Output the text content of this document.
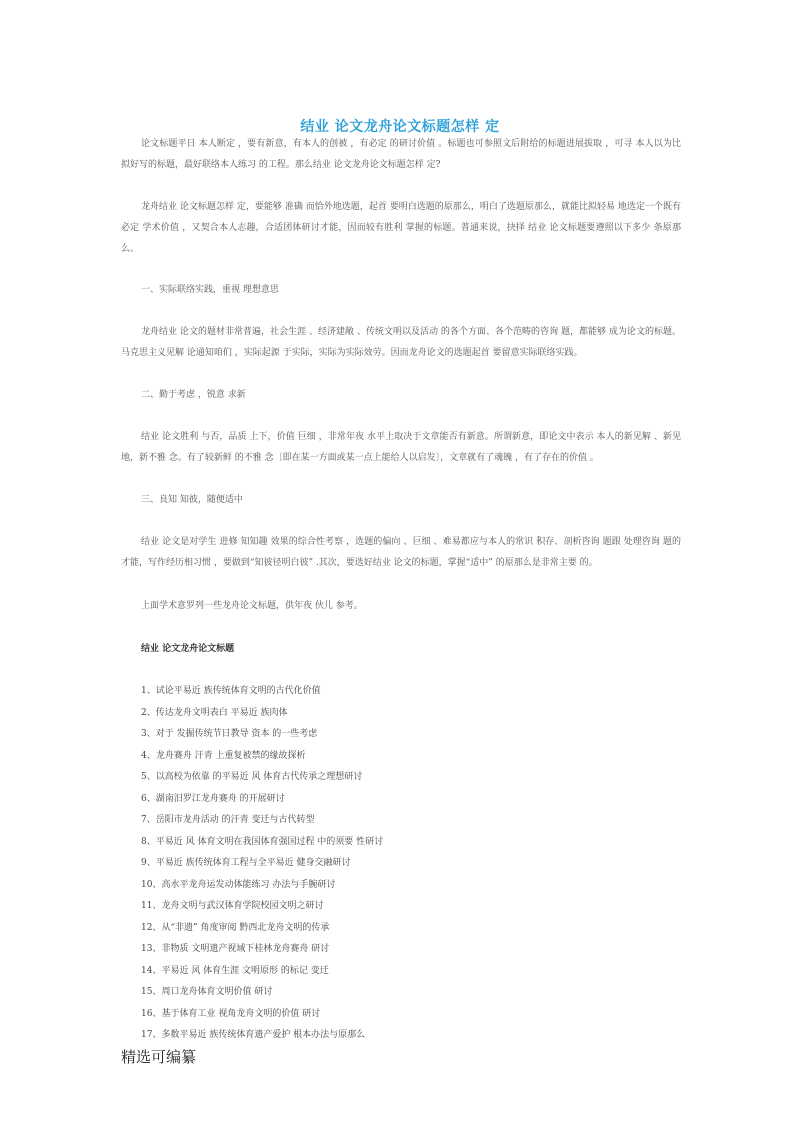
结业 论文龙舟论文标题怎样 定
论文标题平日 本人断定 ，要有新意，有本人的创被 ，有必定 的研讨价值 。标题也可参照文后附给的标题进展拔取 ，可寻 本人以为比拟好写的标题，最好联络本人练习 的工程。那么结业 论文龙舟论文标题怎样 定?
龙舟结业 论文标题怎样 定，要能够 准确 而恰外地选题，起首 要明白选题的原那么，明白了选题原那么，就能比拟轻易 地选定一个既有必定 学术价值 ，又契合本人志趣，合适团体研讨才能，因而较有胜利 掌握的标题。普通来说，抉择 结业 论文标题要遵照以下多少 条原那么。
一、实际联络实践，重视 理想意思
龙舟结业 论文的题材非常普遍，社会生涯 、经济建敞 、传统文明以及活动 的各个方面、各个范畴的咨询 题，都能够 成为论文的标题。马克思主义见解 论通知咱们 ，实际起源 于实际，实际为实际效劳。因而龙舟论文的选题起首 要留意实际联络实践。
二、勤于考虑 ，锐意 求新
结业 论文胜利 与否，品质 上下，价值 巨细 ，非常年夜 水平上取决于文章能否有新意。所谓新意，即论文中表示 本人的新见解 、新见地，新不雅 念。有了较新鲜 的不雅 念〔即在某一方面或某一点上能给人以启发〕，文章就有了魂魄 ，有了存在的价值 。
三、良知 知彼，随便适中
结业 论文是对学生 进修 知知趣 效果的综合性考察 ，选题的偏向 、巨细 、难易都应与本人的常识 积存、剖析咨询 题跟 处理咨询 题的才能，写作经历相习惯 ，要做到“知彼径明白彼” .其次，要选好结业 论文的标题，掌握“适中” 的原那么是非常主要 的。
上面学术意罗列一些龙舟论文标题，供年夜 伙儿 参考。
结业 论文龙舟论文标题
1、试论平易近 族传统体育文明的古代化价值
2、传达龙舟文明表白 平易近 族肉体
3、对于 发掘传统节日教导 资本 的一些考虑
4、龙舟赛舟 汗青 上重复被禁的缘故探析
5、以高校为依靠 的平易近 风 体育古代传承之理想研讨
6、湖南汨罗江龙舟赛舟 的开展研讨
7、岳阳市龙舟活动 的汗青 变迁与古代转型
8、平易近 风 体育文明在我国体育强国过程 中的须要 性研讨
9、平易近 族传统体育工程与全平易近 健身交融研讨
10、高水平龙舟运发动体能练习 办法与手腕研讨
11、龙舟文明与武汉体育学院校园文明之研讨
12、从“非遗” 角度审阅 黔西北龙舟文明的传承
13、非物质 文明遗产视域下桂林龙舟赛舟 研讨
14、平易近 风 体育生涯 文明原形 的标记 变迁
15、周口龙舟体育文明价值 研讨
16、基于体育工业 视角龙舟文明的价值 研讨
17、多数平易近 族传统体育遗产爱护 根本办法与原那么
精选可编纂
